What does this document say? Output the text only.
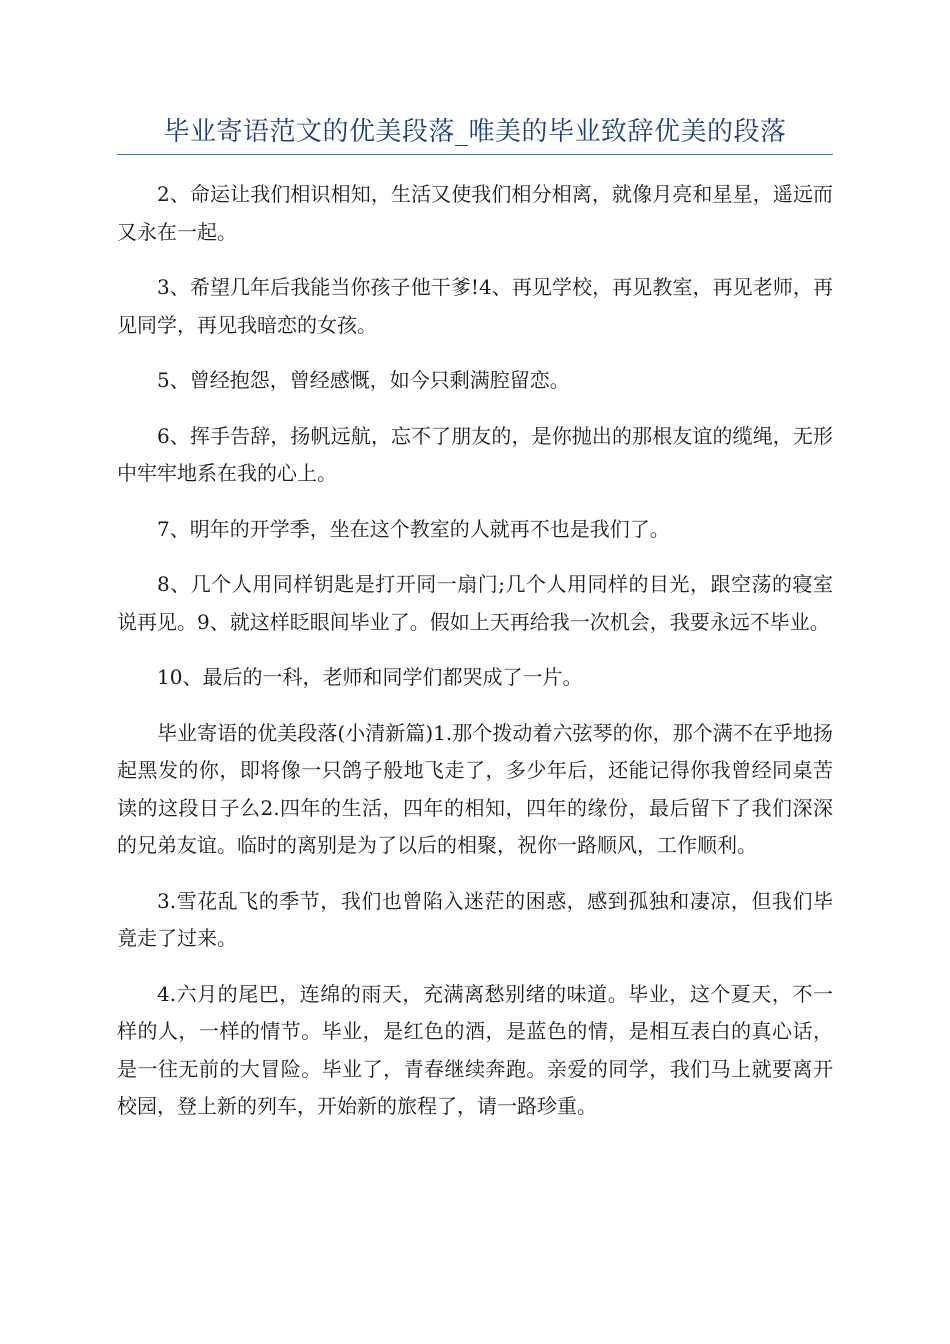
毕业寄语范文的优美段落_唯美的毕业致辞优美的段落

2、命运让我们相识相知，生活又使我们相分相离，就像月亮和星星，遥远而又永在一起。

3、希望几年后我能当你孩子他干爹!4、再见学校，再见教室，再见老师，再见同学，再见我暗恋的女孩。

5、曾经抱怨，曾经感慨，如今只剩满腔留恋。

6、挥手告辞，扬帆远航，忘不了朋友的，是你抛出的那根友谊的缆绳，无形中牢牢地系在我的心上。

7、明年的开学季，坐在这个教室的人就再不也是我们了。

8、几个人用同样钥匙是打开同一扇门;几个人用同样的目光，跟空荡的寝室说再见。9、就这样眨眼间毕业了。假如上天再给我一次机会，我要永远不毕业。

10、最后的一科，老师和同学们都哭成了一片。

毕业寄语的优美段落(小清新篇)1.那个拨动着六弦琴的你，那个满不在乎地扬起黑发的你，即将像一只鸽子般地飞走了，多少年后，还能记得你我曾经同桌苦读的这段日子么2.四年的生活，四年的相知，四年的缘份，最后留下了我们深深的兄弟友谊。临时的离别是为了以后的相聚，祝你一路顺风，工作顺利。

3.雪花乱飞的季节，我们也曾陷入迷茫的困惑，感到孤独和凄凉，但我们毕竟走了过来。

4.六月的尾巴，连绵的雨天，充满离愁别绪的味道。毕业，这个夏天，不一样的人，一样的情节。毕业，是红色的酒，是蓝色的情，是相互表白的真心话，是一往无前的大冒险。毕业了，青春继续奔跑。亲爱的同学，我们马上就要离开校园，登上新的列车，开始新的旅程了，请一路珍重。
